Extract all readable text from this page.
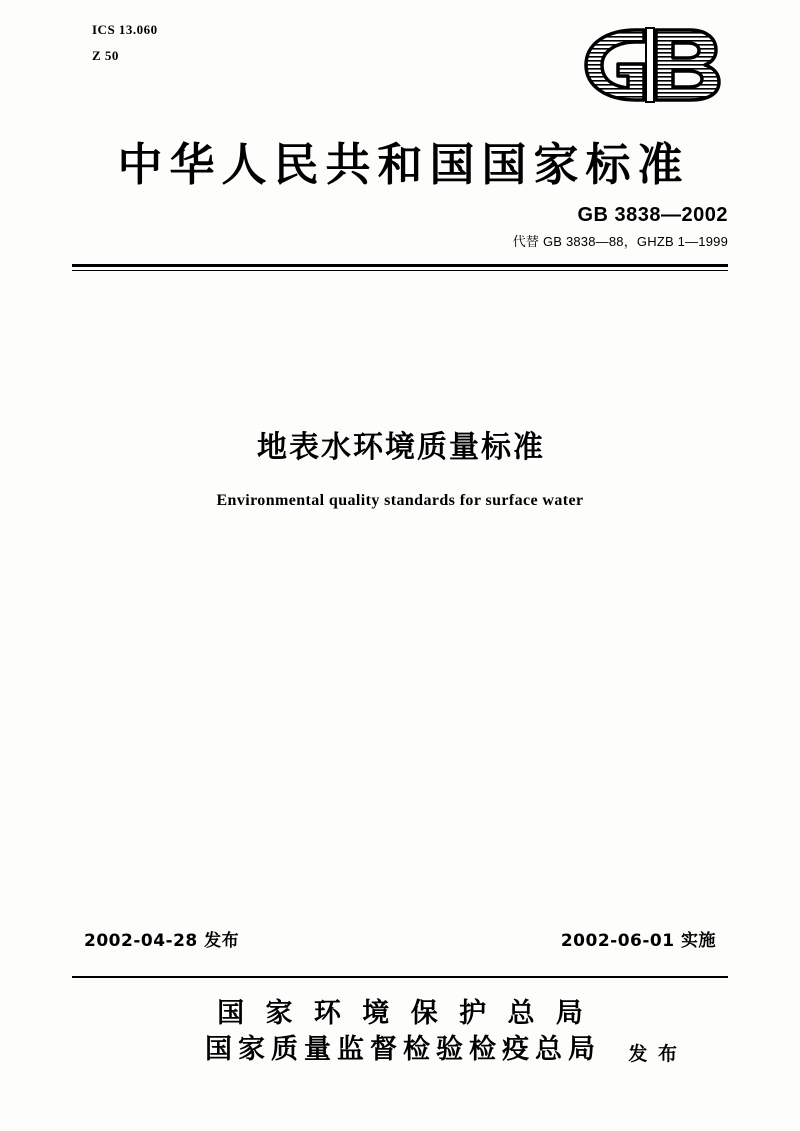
ICS 13.060
Z 50
中华人民共和国国家标准
GB 3838—2002
代替 GB 3838—88，GHZB 1—1999
地表水环境质量标准
Environmental quality standards for surface water
2002-04-28 发布	2002-06-01 实施
国 家 环 境 保 护 总 局
国家质量监督检验检疫总局 发 布
